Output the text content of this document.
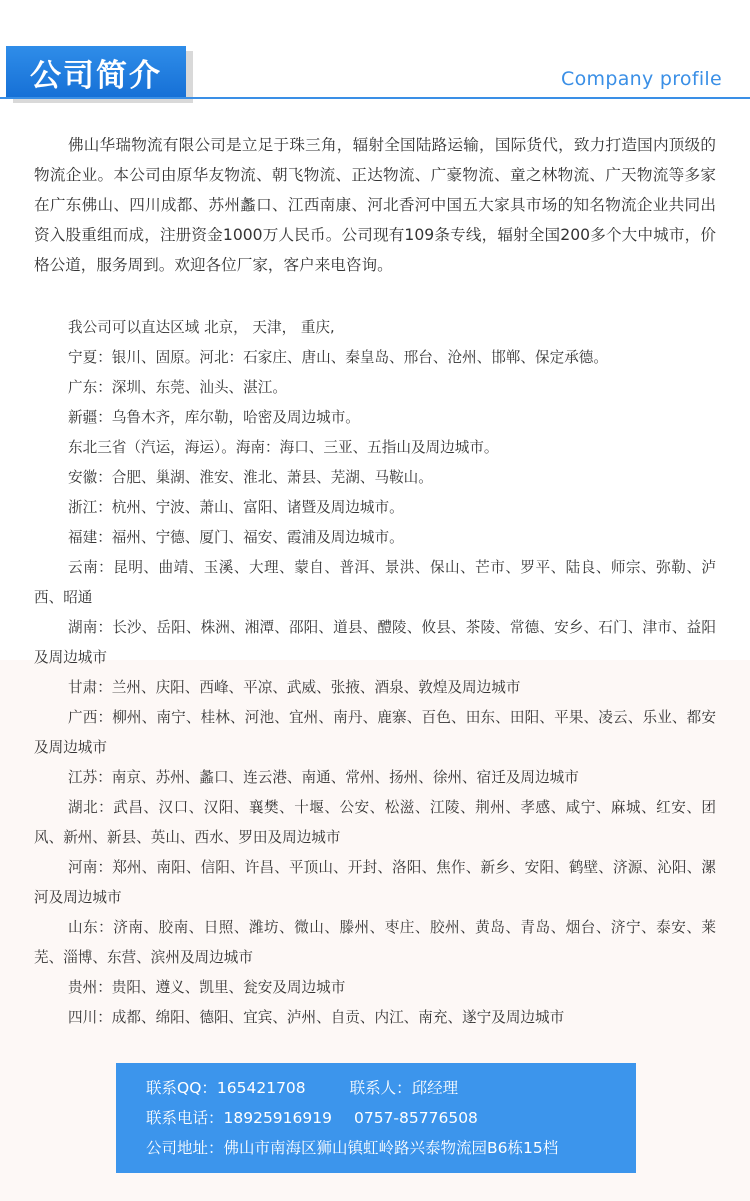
公司简介	Company profile

佛山华瑞物流有限公司是立足于珠三角，辐射全国陆路运输，国际货代，致力打造国内顶级的物流企业。本公司由原华友物流、朝飞物流、正达物流、广豪物流、童之林物流、广天物流等多家在广东佛山、四川成都、苏州蠡口、江西南康、河北香河中国五大家具市场的知名物流企业共同出资入股重组而成，注册资金1000万人民币。公司现有109条专线，辐射全国200多个大中城市，价格公道，服务周到。欢迎各位厂家，客户来电咨询。

我公司可以直达区域 北京， 天津， 重庆,

宁夏：银川、固原。河北：石家庄、唐山、秦皇岛、邢台、沧州、邯郸、保定承德。

广东：深圳、东莞、汕头、湛江。

新疆：乌鲁木齐，库尔勒，哈密及周边城市。

东北三省（汽运，海运）。海南：海口、三亚、五指山及周边城市。

安徽：合肥、巢湖、淮安、淮北、萧县、芜湖、马鞍山。

浙江：杭州、宁波、萧山、富阳、诸暨及周边城市。

福建：福州、宁德、厦门、福安、霞浦及周边城市。

云南：昆明、曲靖、玉溪、大理、蒙自、普洱、景洪、保山、芒市、罗平、陆良、师宗、弥勒、泸西、昭通

湖南：长沙、岳阳、株洲、湘潭、邵阳、道县、醴陵、攸县、茶陵、常德、安乡、石门、津市、益阳及周边城市

甘肃：兰州、庆阳、西峰、平凉、武威、张掖、酒泉、敦煌及周边城市

广西：柳州、南宁、桂林、河池、宜州、南丹、鹿寨、百色、田东、田阳、平果、凌云、乐业、都安及周边城市

江苏：南京、苏州、蠡口、连云港、南通、常州、扬州、徐州、宿迁及周边城市

湖北：武昌、汉口、汉阳、襄樊、十堰、公安、松滋、江陵、荆州、孝感、咸宁、麻城、红安、团风、新州、新县、英山、西水、罗田及周边城市

河南：郑州、南阳、信阳、许昌、平顶山、开封、洛阳、焦作、新乡、安阳、鹤壁、济源、沁阳、漯河及周边城市

山东：济南、胶南、日照、潍坊、微山、滕州、枣庄、胶州、黄岛、青岛、烟台、济宁、泰安、莱芜、淄博、东营、滨州及周边城市

贵州：贵阳、遵义、凯里、瓮安及周边城市

四川：成都、绵阳、德阳、宜宾、泸州、自贡、内江、南充、遂宁及周边城市

联系QQ：165421708	联系人：邱经理
联系电话：18925916919 0757-85776508
公司地址：佛山市南海区狮山镇虹岭路兴泰物流园B6栋15档
